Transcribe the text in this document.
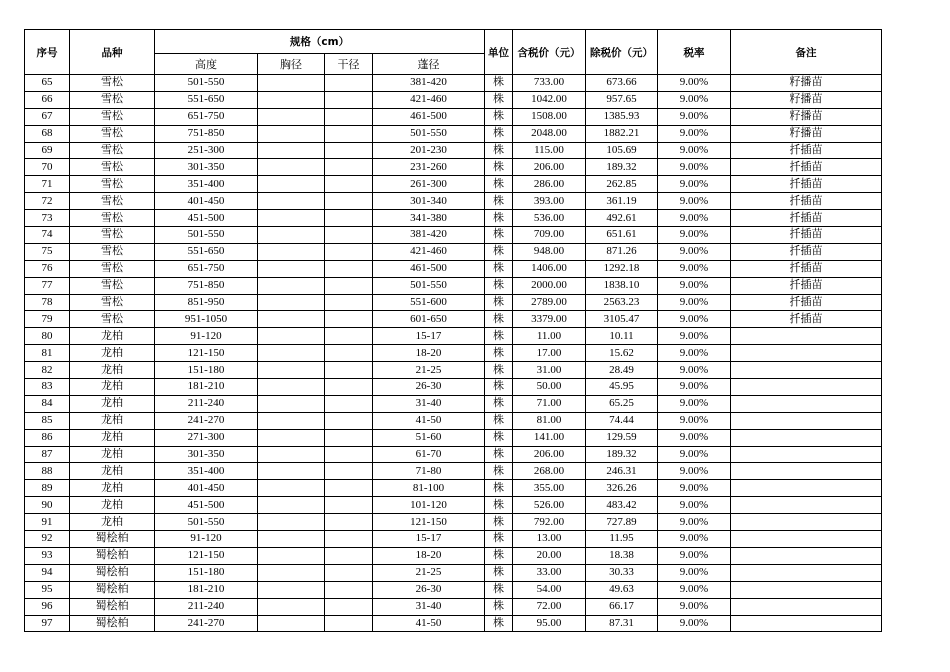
序号	品种	规格（cm）				单位	含税价（元）	除税价（元）	税率	备注
		高度	胸径	干径	蓬径					
65	雪松	501-550			381-420	株	733.00	673.66	9.00%	籽播苗
66	雪松	551-650			421-460	株	1042.00	957.65	9.00%	籽播苗
67	雪松	651-750			461-500	株	1508.00	1385.93	9.00%	籽播苗
68	雪松	751-850			501-550	株	2048.00	1882.21	9.00%	籽播苗
69	雪松	251-300			201-230	株	115.00	105.69	9.00%	扦插苗
70	雪松	301-350			231-260	株	206.00	189.32	9.00%	扦插苗
71	雪松	351-400			261-300	株	286.00	262.85	9.00%	扦插苗
72	雪松	401-450			301-340	株	393.00	361.19	9.00%	扦插苗
73	雪松	451-500			341-380	株	536.00	492.61	9.00%	扦插苗
74	雪松	501-550			381-420	株	709.00	651.61	9.00%	扦插苗
75	雪松	551-650			421-460	株	948.00	871.26	9.00%	扦插苗
76	雪松	651-750			461-500	株	1406.00	1292.18	9.00%	扦插苗
77	雪松	751-850			501-550	株	2000.00	1838.10	9.00%	扦插苗
78	雪松	851-950			551-600	株	2789.00	2563.23	9.00%	扦插苗
79	雪松	951-1050			601-650	株	3379.00	3105.47	9.00%	扦插苗
80	龙柏	91-120			15-17	株	11.00	10.11	9.00%	
81	龙柏	121-150			18-20	株	17.00	15.62	9.00%	
82	龙柏	151-180			21-25	株	31.00	28.49	9.00%	
83	龙柏	181-210			26-30	株	50.00	45.95	9.00%	
84	龙柏	211-240			31-40	株	71.00	65.25	9.00%	
85	龙柏	241-270			41-50	株	81.00	74.44	9.00%	
86	龙柏	271-300			51-60	株	141.00	129.59	9.00%	
87	龙柏	301-350			61-70	株	206.00	189.32	9.00%	
88	龙柏	351-400			71-80	株	268.00	246.31	9.00%	
89	龙柏	401-450			81-100	株	355.00	326.26	9.00%	
90	龙柏	451-500			101-120	株	526.00	483.42	9.00%	
91	龙柏	501-550			121-150	株	792.00	727.89	9.00%	
92	蜀桧柏	91-120			15-17	株	13.00	11.95	9.00%	
93	蜀桧柏	121-150			18-20	株	20.00	18.38	9.00%	
94	蜀桧柏	151-180			21-25	株	33.00	30.33	9.00%	
95	蜀桧柏	181-210			26-30	株	54.00	49.63	9.00%	
96	蜀桧柏	211-240			31-40	株	72.00	66.17	9.00%	
97	蜀桧柏	241-270			41-50	株	95.00	87.31	9.00%	
